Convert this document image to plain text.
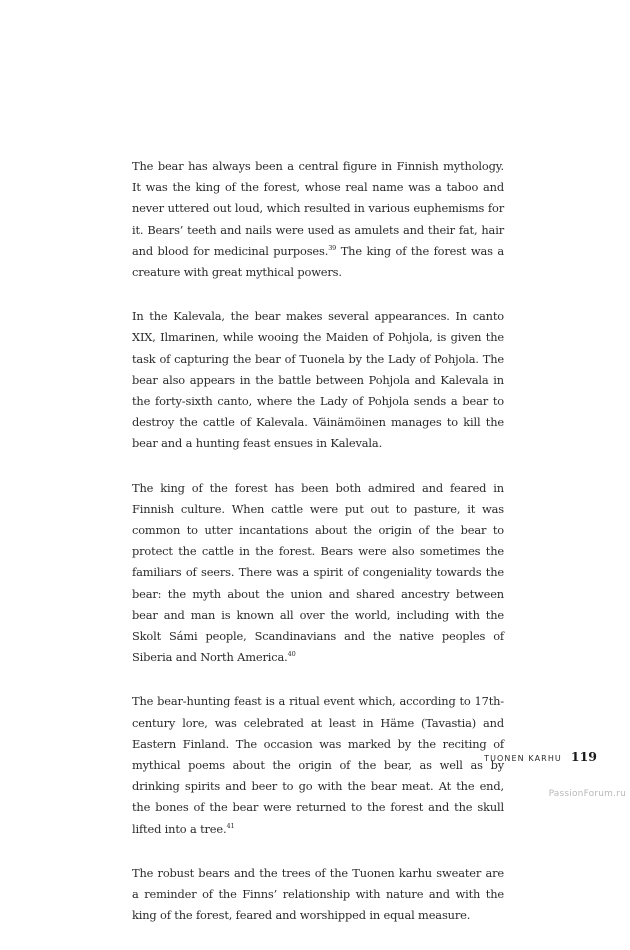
The bear has always been a central figure in Finnish mythology. It was the king of the forest, whose real name was a taboo and never uttered out loud, which resulted in various euphemisms for it. Bears’ teeth and nails were used as amulets and their fat, hair and blood for medicinal purposes.$^{39}$ The king of the forest was a creature with great mythical powers.

In the Kalevala, the bear makes several appearances. In canto XIX, Ilmarinen, while wooing the Maiden of Pohjola, is given the task of capturing the bear of Tuonela by the Lady of Pohjola. The bear also appears in the battle between Pohjola and Kalevala in the forty-sixth canto, where the Lady of Pohjola sends a bear to destroy the cattle of Kalevala. Väinämöinen manages to kill the bear and a hunting feast ensues in Kalevala.

The king of the forest has been both admired and feared in Finnish culture. When cattle were put out to pasture, it was common to utter incantations about the origin of the bear to protect the cattle in the forest. Bears were also sometimes the familiars of seers. There was a spirit of congeniality towards the bear: the myth about the union and shared ancestry between bear and man is known all over the world, including with the Skolt Sámi people, Scandinavians and the native peoples of Siberia and North America.$^{40}$

The bear-hunting feast is a ritual event which, according to 17th-century lore, was celebrated at least in Häme (Tavastia) and Eastern Finland. The occasion was marked by the reciting of mythical poems about the origin of the bear, as well as by drinking spirits and beer to go with the bear meat. At the end, the bones of the bear were returned to the forest and the skull lifted into a tree.$^{41}$

The robust bears and the trees of the Tuonen karhu sweater are a reminder of the Finns’ relationship with nature and with the king of the forest, feared and worshipped in equal measure.

TUONEN KARHU 119
PassionForum.ru
